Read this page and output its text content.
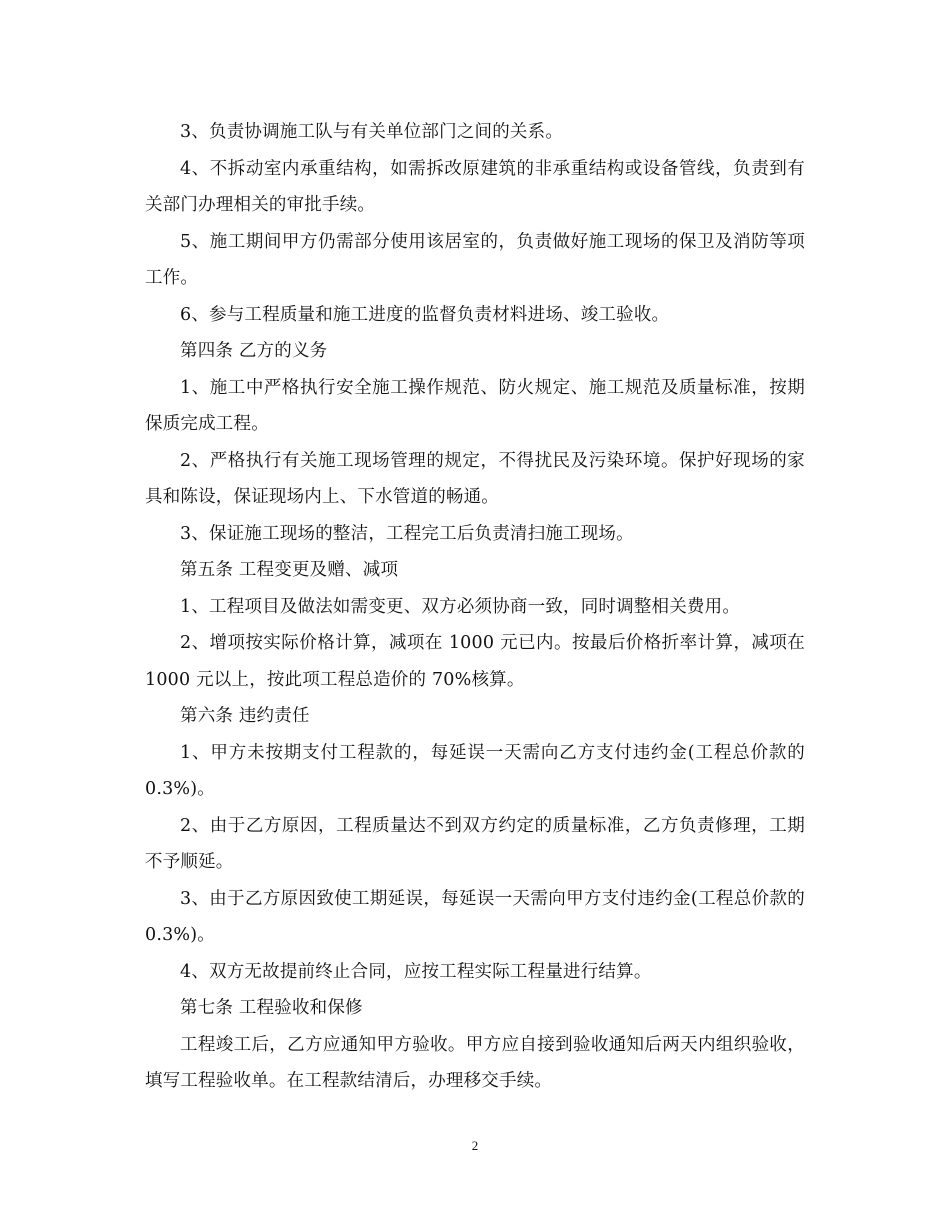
3、负责协调施工队与有关单位部门之间的关系。

4、不拆动室内承重结构，如需拆改原建筑的非承重结构或设备管线，负责到有关部门办理相关的审批手续。

5、施工期间甲方仍需部分使用该居室的，负责做好施工现场的保卫及消防等项工作。

6、参与工程质量和施工进度的监督负责材料进场、竣工验收。

第四条 乙方的义务

1、施工中严格执行安全施工操作规范、防火规定、施工规范及质量标准，按期保质完成工程。

2、严格执行有关施工现场管理的规定，不得扰民及污染环境。保护好现场的家具和陈设，保证现场内上、下水管道的畅通。

3、保证施工现场的整洁，工程完工后负责清扫施工现场。

第五条 工程变更及赠、减项

1、工程项目及做法如需变更、双方必须协商一致，同时调整相关费用。

2、增项按实际价格计算，减项在 1000 元已内。按最后价格折率计算，减项在 1000 元以上，按此项工程总造价的 70%核算。

第六条 违约责任

1、甲方未按期支付工程款的，每延误一天需向乙方支付违约金(工程总价款的 0.3%)。

2、由于乙方原因，工程质量达不到双方约定的质量标准，乙方负责修理，工期不予顺延。

3、由于乙方原因致使工期延误，每延误一天需向甲方支付违约金(工程总价款的 0.3%)。

4、双方无故提前终止合同，应按工程实际工程量进行结算。

第七条 工程验收和保修

工程竣工后，乙方应通知甲方验收。甲方应自接到验收通知后两天内组织验收，填写工程验收单。在工程款结清后，办理移交手续。

2
